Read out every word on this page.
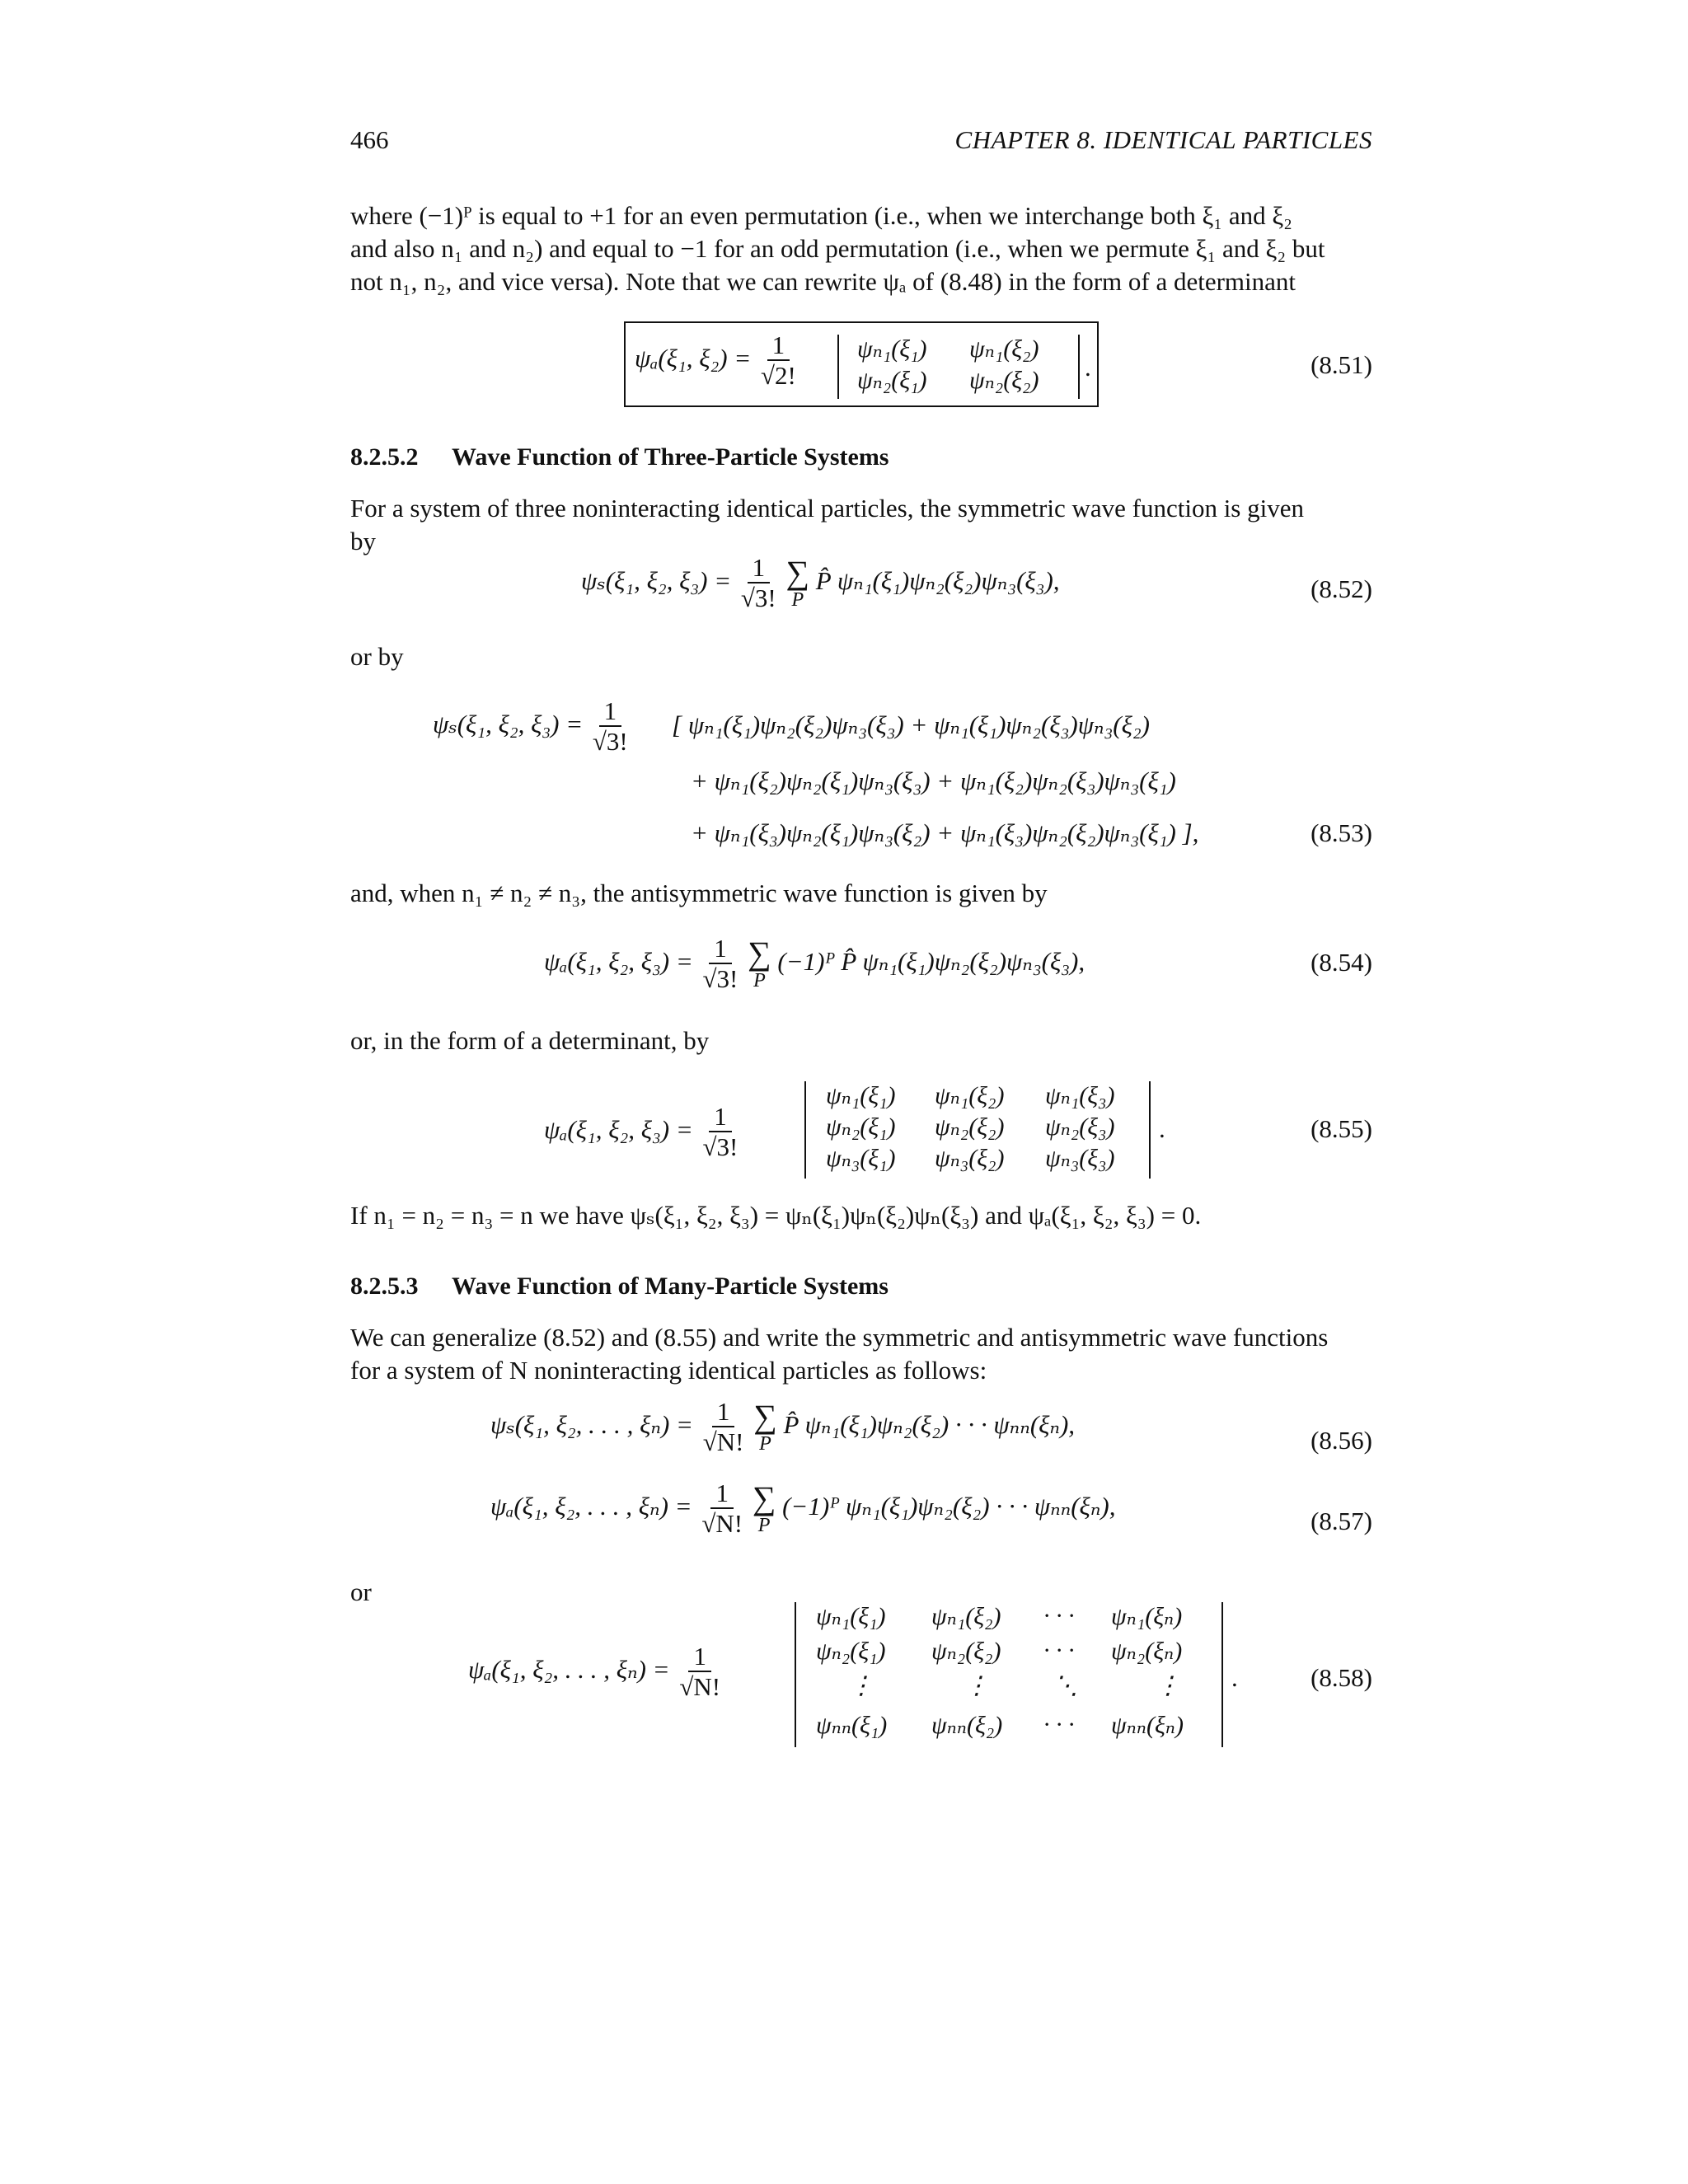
466	CHAPTER 8. IDENTICAL PARTICLES
where (−1)ᴾ is equal to +1 for an even permutation (i.e., when we interchange both ξ₁ and ξ₂
and also n₁ and n₂) and equal to −1 for an odd permutation (i.e., when we permute ξ₁ and ξ₂ but
not n₁, n₂, and vice versa). Note that we can rewrite ψₐ of (8.48) in the form of a determinant
ψₐ(ξ₁, $\xi_2) = \frac{1}{√2!} \psi_{n1}(\xi_1)$ ψₙ₁(ξ₂)
ψₙ₂(ξ₁) ψₙ₂(ξ₂) .	(8.51)
8.2.5.2 Wave Function of Three-Particle Systems
For a system of three noninteracting identical particles, the symmetric wave function is given
by
ψₛ(ξ₁, ξ₂, $\xi_3) = \frac{1}{√3!}$
∑
P
P̂ ψₙ₁(ξ₁)ψₙ₂(ξ₂)ψₙ₃(ξ₃),	(8.52)
or by
ψₛ(ξ₁, ξ₂, $\xi_3) = \frac{1}{√3!}$ [ ψₙ₁(ξ₁)ψₙ₂(ξ₂)ψₙ₃(ξ₃) + ψₙ₁(ξ₁)ψₙ₂(ξ₃)ψₙ₃(ξ₂)
+ ψₙ₁(ξ₂)ψₙ₂(ξ₁)ψₙ₃(ξ₃) + ψₙ₁(ξ₂)ψₙ₂(ξ₃)ψₙ₃(ξ₁)
+ ψₙ₁(ξ₃)ψₙ₂(ξ₁)ψₙ₃(ξ₂) + ψₙ₁(ξ₃)ψₙ₂(ξ₂)ψₙ₃(ξ₁) ],	(8.53)
and, when n₁ ≠ n₂ ≠ n₃, the antisymmetric wave function is given by
ψₐ(ξ₁, ξ₂, $\xi_3) = \frac{1}{√3!}$
∑
P
(−1)ᴾ P̂ ψₙ₁(ξ₁)ψₙ₂(ξ₂)ψₙ₃(ξ₃),	(8.54)
or, in the form of a determinant, by
ψₐ(ξ₁, ξ₂, $\xi_3) = \frac{1}{√3!}$
ψₙ₁(ξ₁) ψₙ₁(ξ₂) ψₙ₁(ξ₃)
ψₙ₂(ξ₁) ψₙ₂(ξ₂) ψₙ₂(ξ₃)
ψₙ₃(ξ₁) ψₙ₃(ξ₂) ψₙ₃(ξ₃)
.	(8.55)
If n₁ = n₂ = n₃ = n we have ψₛ(ξ₁, ξ₂, ξ₃) = ψₙ(ξ₁)ψₙ(ξ₂)ψₙ(ξ₃) and ψₐ(ξ₁, ξ₂, ξ₃) = 0.
8.2.5.3 Wave Function of Many-Particle Systems
We can generalize (8.52) and (8.55) and write the symmetric and antisymmetric wave functions
for a system of N noninteracting identical particles as follows:
ψₛ(ξ₁, ξ₂, . . . , $\xi_n) = \frac{1}{√N!}$
∑
P
P̂ ψₙ₁(ξ₁)ψₙ₂(ξ₂) · · · ψₙₙ(ξₙ),
(8.56)
ψₐ(ξ₁, ξ₂, . . . , $\xi_n) = \frac{1}{√N!}$
∑
P
(−1)ᴾ ψₙ₁(ξ₁)ψₙ₂(ξ₂) · · · ψₙₙ(ξₙ),
(8.57)
or
ψₐ(ξ₁, ξ₂, . . . , $\xi_n) = \frac{1}{√N!}$
ψₙ₁(ξ₁) ψₙ₁(ξ₂) · · · ψₙ₁(ξₙ)
ψₙ₂(ξ₁) ψₙ₂(ξ₂) · · · ψₙ₂(ξₙ)
⋮	⋮	⋱	⋮
ψₙₙ(ξ₁) ψₙₙ(ξ₂) · · · ψₙₙ(ξₙ)
.	(8.58)
